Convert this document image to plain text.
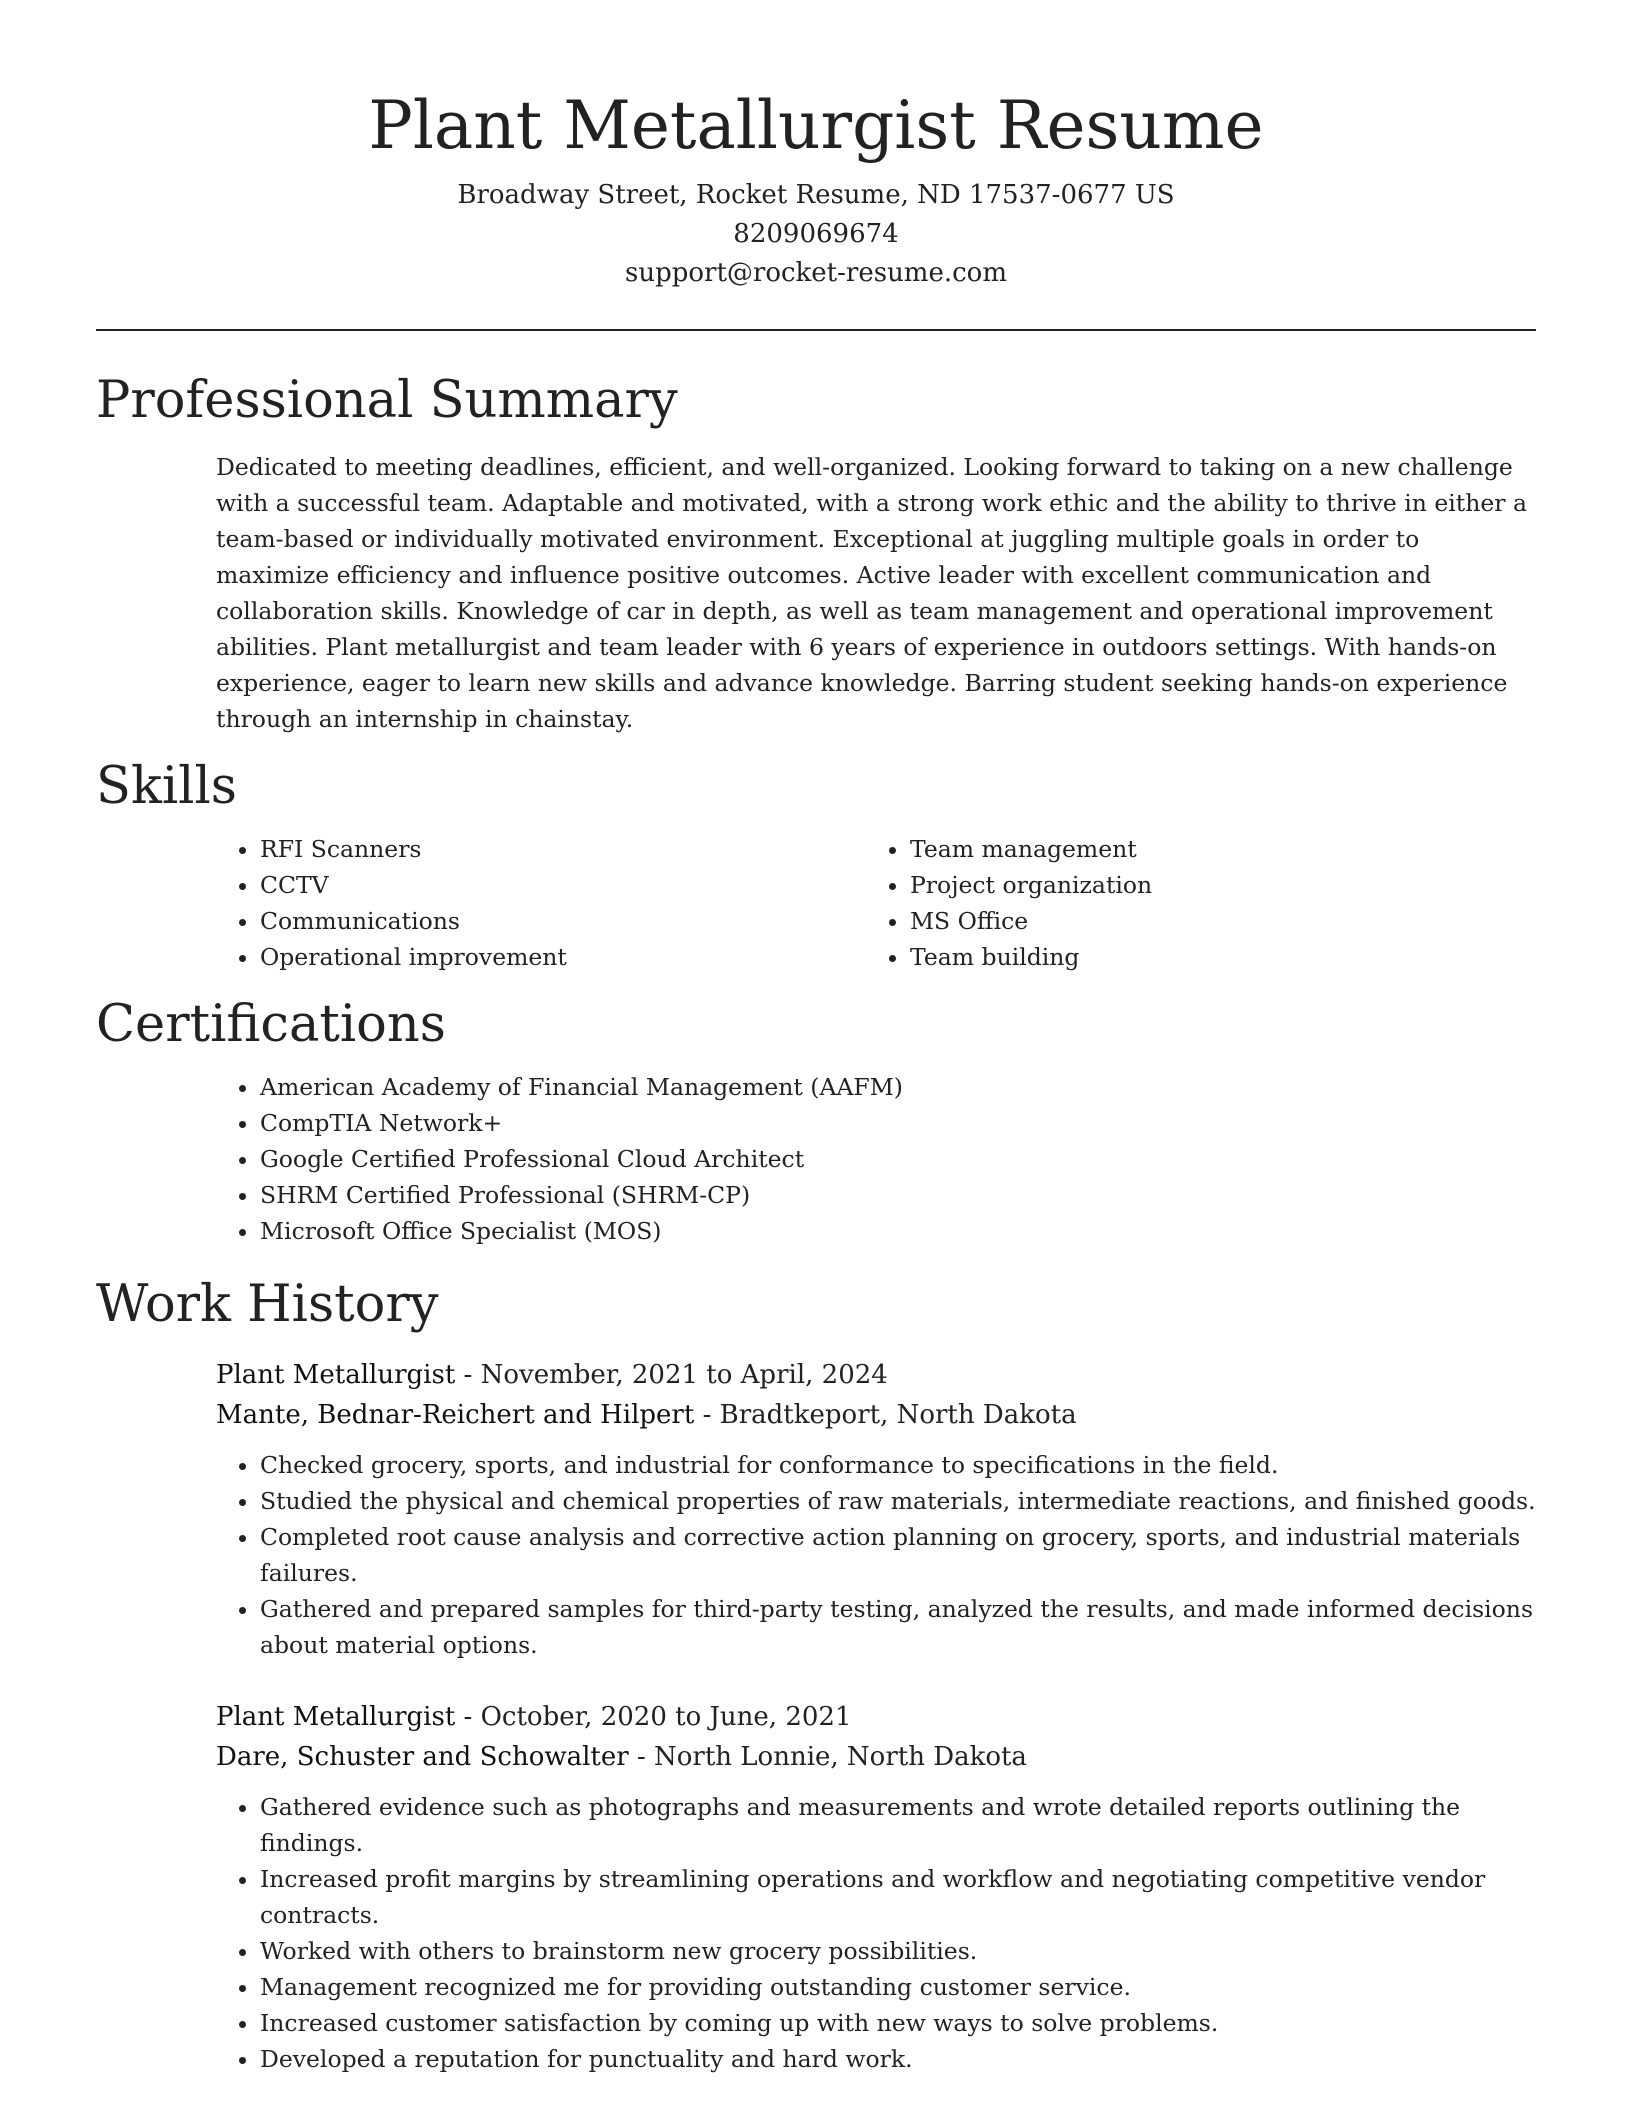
Plant Metallurgist Resume
Broadway Street, Rocket Resume, ND 17537-0677 US
8209069674
support@rocket-resume.com
Professional Summary

Dedicated to meeting deadlines, efficient, and well-organized. Looking forward to taking on a new challenge with a successful team. Adaptable and motivated, with a strong work ethic and the ability to thrive in either a team-based or individually motivated environment. Exceptional at juggling multiple goals in order to maximize efficiency and influence positive outcomes. Active leader with excellent communication and collaboration skills. Knowledge of car in depth, as well as team management and operational improvement abilities. Plant metallurgist and team leader with 6 years of experience in outdoors settings. With hands-on experience, eager to learn new skills and advance knowledge. Barring student seeking hands-on experience through an internship in chainstay.

Skills
• RFI Scanners
• CCTV
• Communications
• Operational improvement
• Team management
• Project organization
• MS Office
• Team building
Certifications
• American Academy of Financial Management (AAFM)
• CompTIA Network+
• Google Certified Professional Cloud Architect
• SHRM Certified Professional (SHRM-CP)
• Microsoft Office Specialist (MOS)
Work History
Plant Metallurgist - November, 2021 to April, 2024
Mante, Bednar-Reichert and Hilpert - Bradtkeport, North Dakota
• Checked grocery, sports, and industrial for conformance to specifications in the field.
• Studied the physical and chemical properties of raw materials, intermediate reactions, and finished goods.
• Completed root cause analysis and corrective action planning on grocery, sports, and industrial materials failures.
• Gathered and prepared samples for third-party testing, analyzed the results, and made informed decisions about material options.
Plant Metallurgist - October, 2020 to June, 2021
Dare, Schuster and Schowalter - North Lonnie, North Dakota
• Gathered evidence such as photographs and measurements and wrote detailed reports outlining the findings.
• Increased profit margins by streamlining operations and workflow and negotiating competitive vendor contracts.
• Worked with others to brainstorm new grocery possibilities.
• Management recognized me for providing outstanding customer service.
• Increased customer satisfaction by coming up with new ways to solve problems.
• Developed a reputation for punctuality and hard work.
